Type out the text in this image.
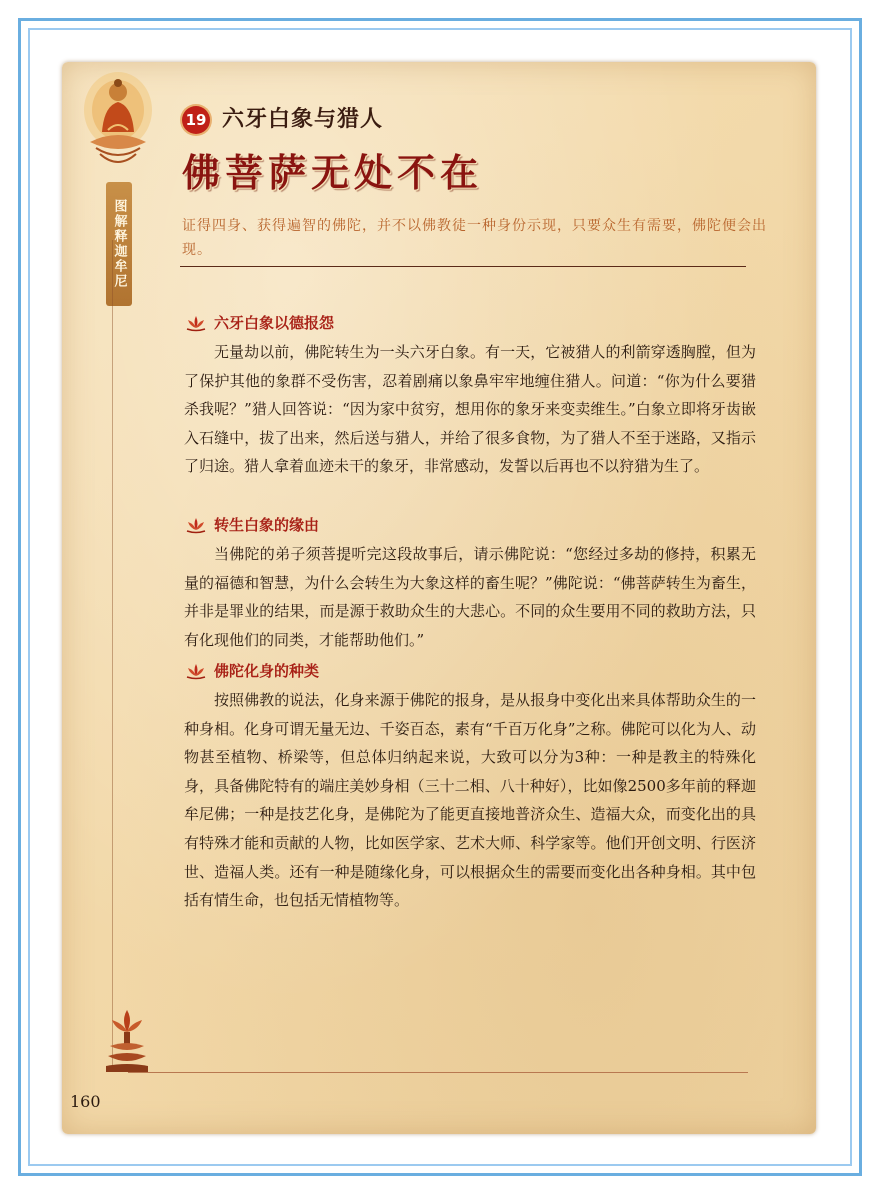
图解释迦牟尼
19 六牙白象与猎人
佛菩萨无处不在
证得四身、获得遍智的佛陀，并不以佛教徒一种身份示现，只要众生有需要，佛陀便会出现。
六牙白象以德报怨
无量劫以前，佛陀转生为一头六牙白象。有一天，它被猎人的利箭穿透胸膛，但为了保护其他的象群不受伤害，忍着剧痛以象鼻牢牢地缠住猎人。问道：“你为什么要猎杀我呢？”猎人回答说：“因为家中贫穷，想用你的象牙来变卖维生。”白象立即将牙齿嵌入石缝中，拔了出来，然后送与猎人，并给了很多食物，为了猎人不至于迷路，又指示了归途。猎人拿着血迹未干的象牙，非常感动，发誓以后再也不以狩猎为生了。
转生白象的缘由
当佛陀的弟子须菩提听完这段故事后，请示佛陀说：“您经过多劫的修持，积累无量的福德和智慧，为什么会转生为大象这样的畜生呢？”佛陀说：“佛菩萨转生为畜生，并非是罪业的结果，而是源于救助众生的大悲心。不同的众生要用不同的救助方法，只有化现他们的同类，才能帮助他们。”
佛陀化身的种类
按照佛教的说法，化身来源于佛陀的报身，是从报身中变化出来具体帮助众生的一种身相。化身可谓无量无边、千姿百态，素有“千百万化身”之称。佛陀可以化为人、动物甚至植物、桥梁等，但总体归纳起来说，大致可以分为3种：一种是教主的特殊化身，具备佛陀特有的端庄美妙身相（三十二相、八十种好），比如像2500多年前的释迦牟尼佛；一种是技艺化身，是佛陀为了能更直接地普济众生、造福大众，而变化出的具有特殊才能和贡献的人物，比如医学家、艺术大师、科学家等。他们开创文明、行医济世、造福人类。还有一种是随缘化身，可以根据众生的需要而变化出各种身相。其中包括有情生命，也包括无情植物等。
160
